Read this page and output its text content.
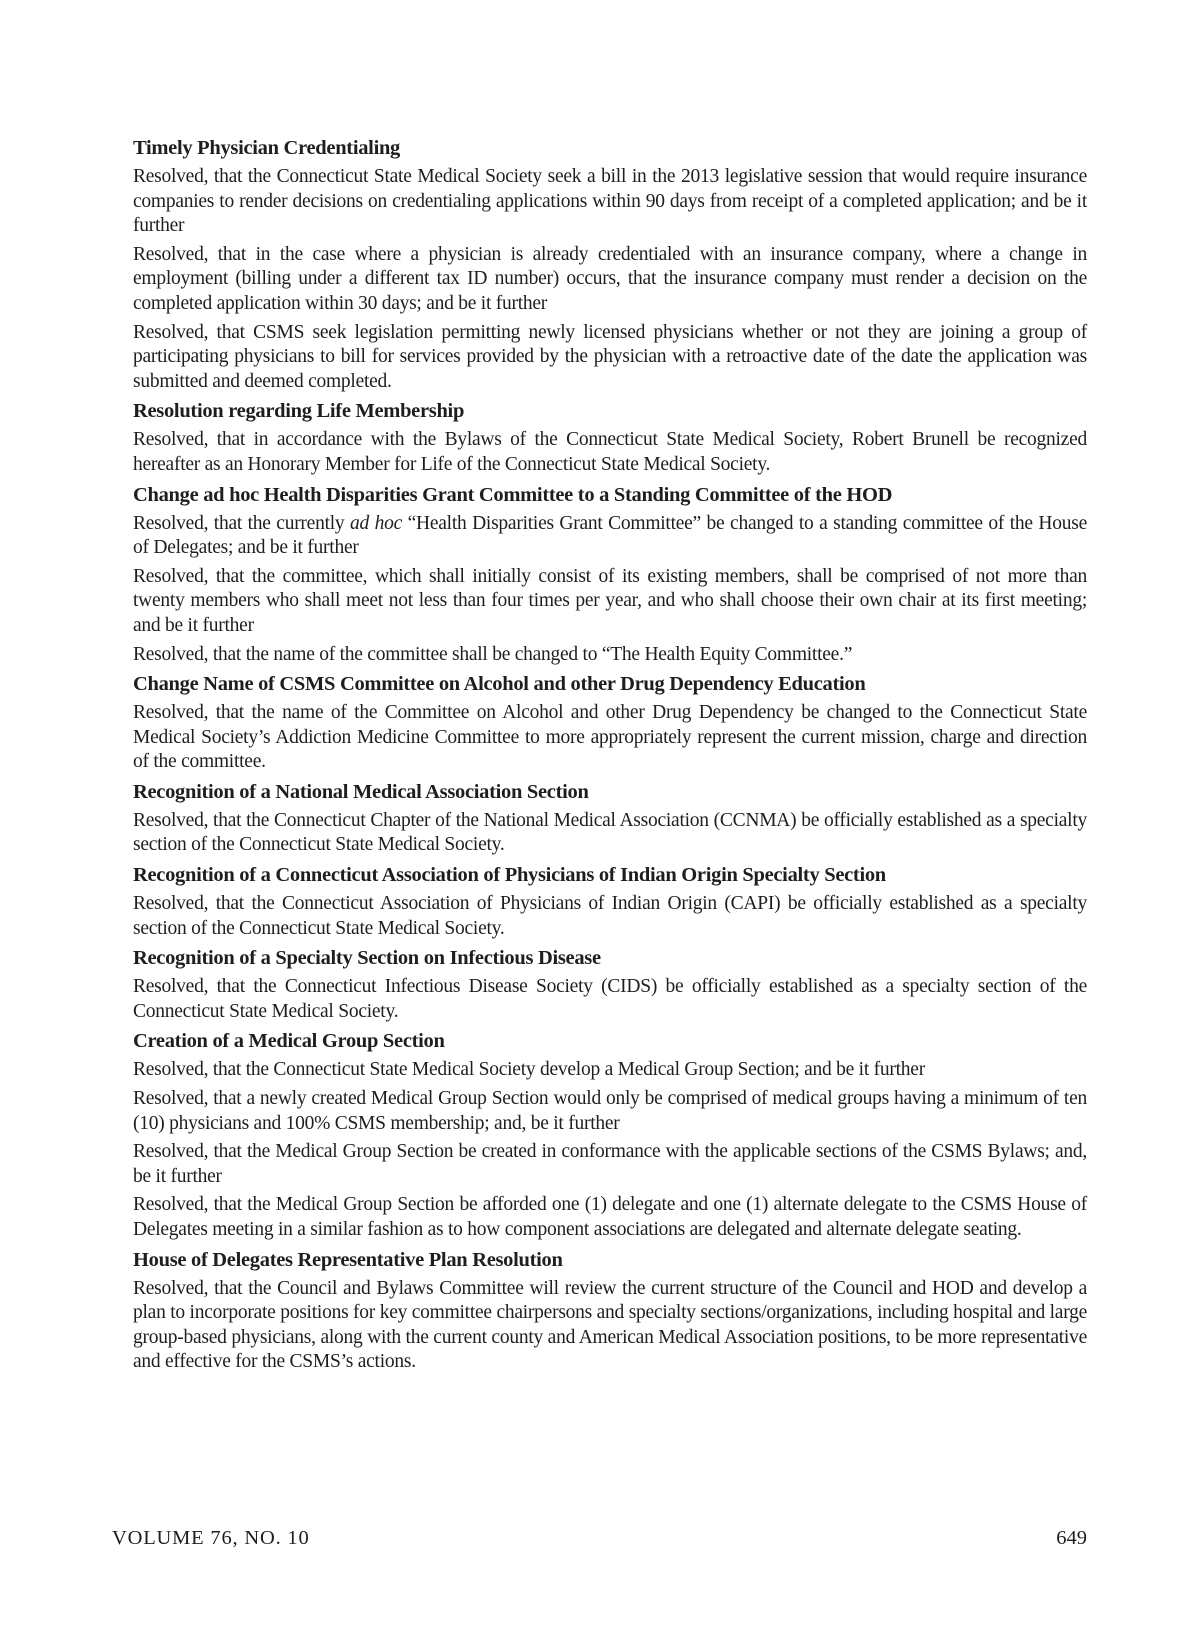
Timely Physician Credentialing

Resolved, that the Connecticut State Medical Society seek a bill in the 2013 legislative session that would require insurance companies to render decisions on credentialing applications within 90 days from receipt of a completed application; and be it further

Resolved, that in the case where a physician is already credentialed with an insurance company, where a change in employment (billing under a different tax ID number) occurs, that the insurance company must render a decision on the completed application within 30 days; and be it further

Resolved, that CSMS seek legislation permitting newly licensed physicians whether or not they are joining a group of participating physicians to bill for services provided by the physician with a retroactive date of the date the application was submitted and deemed completed.

Resolution regarding Life Membership

Resolved, that in accordance with the Bylaws of the Connecticut State Medical Society, Robert Brunell be recognized hereafter as an Honorary Member for Life of the Connecticut State Medical Society.

Change ad hoc Health Disparities Grant Committee to a Standing Committee of the HOD

Resolved, that the currently ad hoc “Health Disparities Grant Committee” be changed to a standing committee of the House of Delegates; and be it further

Resolved, that the committee, which shall initially consist of its existing members, shall be comprised of not more than twenty members who shall meet not less than four times per year, and who shall choose their own chair at its first meeting; and be it further

Resolved, that the name of the committee shall be changed to “The Health Equity Committee.”

Change Name of CSMS Committee on Alcohol and other Drug Dependency Education

Resolved, that the name of the Committee on Alcohol and other Drug Dependency be changed to the Connecticut State Medical Society’s Addiction Medicine Committee to more appropriately represent the current mission, charge and direction of the committee.

Recognition of a National Medical Association Section

Resolved, that the Connecticut Chapter of the National Medical Association (CCNMA) be officially established as a specialty section of the Connecticut State Medical Society.

Recognition of a Connecticut Association of Physicians of Indian Origin Specialty Section

Resolved, that the Connecticut Association of Physicians of Indian Origin (CAPI) be officially established as a specialty section of the Connecticut State Medical Society.

Recognition of a Specialty Section on Infectious Disease

Resolved, that the Connecticut Infectious Disease Society (CIDS) be officially established as a specialty section of the Connecticut State Medical Society.

Creation of a Medical Group Section

Resolved, that the Connecticut State Medical Society develop a Medical Group Section; and be it further

Resolved, that a newly created Medical Group Section would only be comprised of medical groups having a minimum of ten (10) physicians and 100% CSMS membership; and, be it further

Resolved, that the Medical Group Section be created in conformance with the applicable sections of the CSMS Bylaws; and, be it further

Resolved, that the Medical Group Section be afforded one (1) delegate and one (1) alternate delegate to the CSMS House of Delegates meeting in a similar fashion as to how component associations are delegated and alternate delegate seating.

House of Delegates Representative Plan Resolution

Resolved, that the Council and Bylaws Committee will review the current structure of the Council and HOD and develop a plan to incorporate positions for key committee chairpersons and specialty sections/organizations, including hospital and large group-based physicians, along with the current county and American Medical Association positions, to be more representative and effective for the CSMS’s actions.

VOLUME 76, NO. 10	649
